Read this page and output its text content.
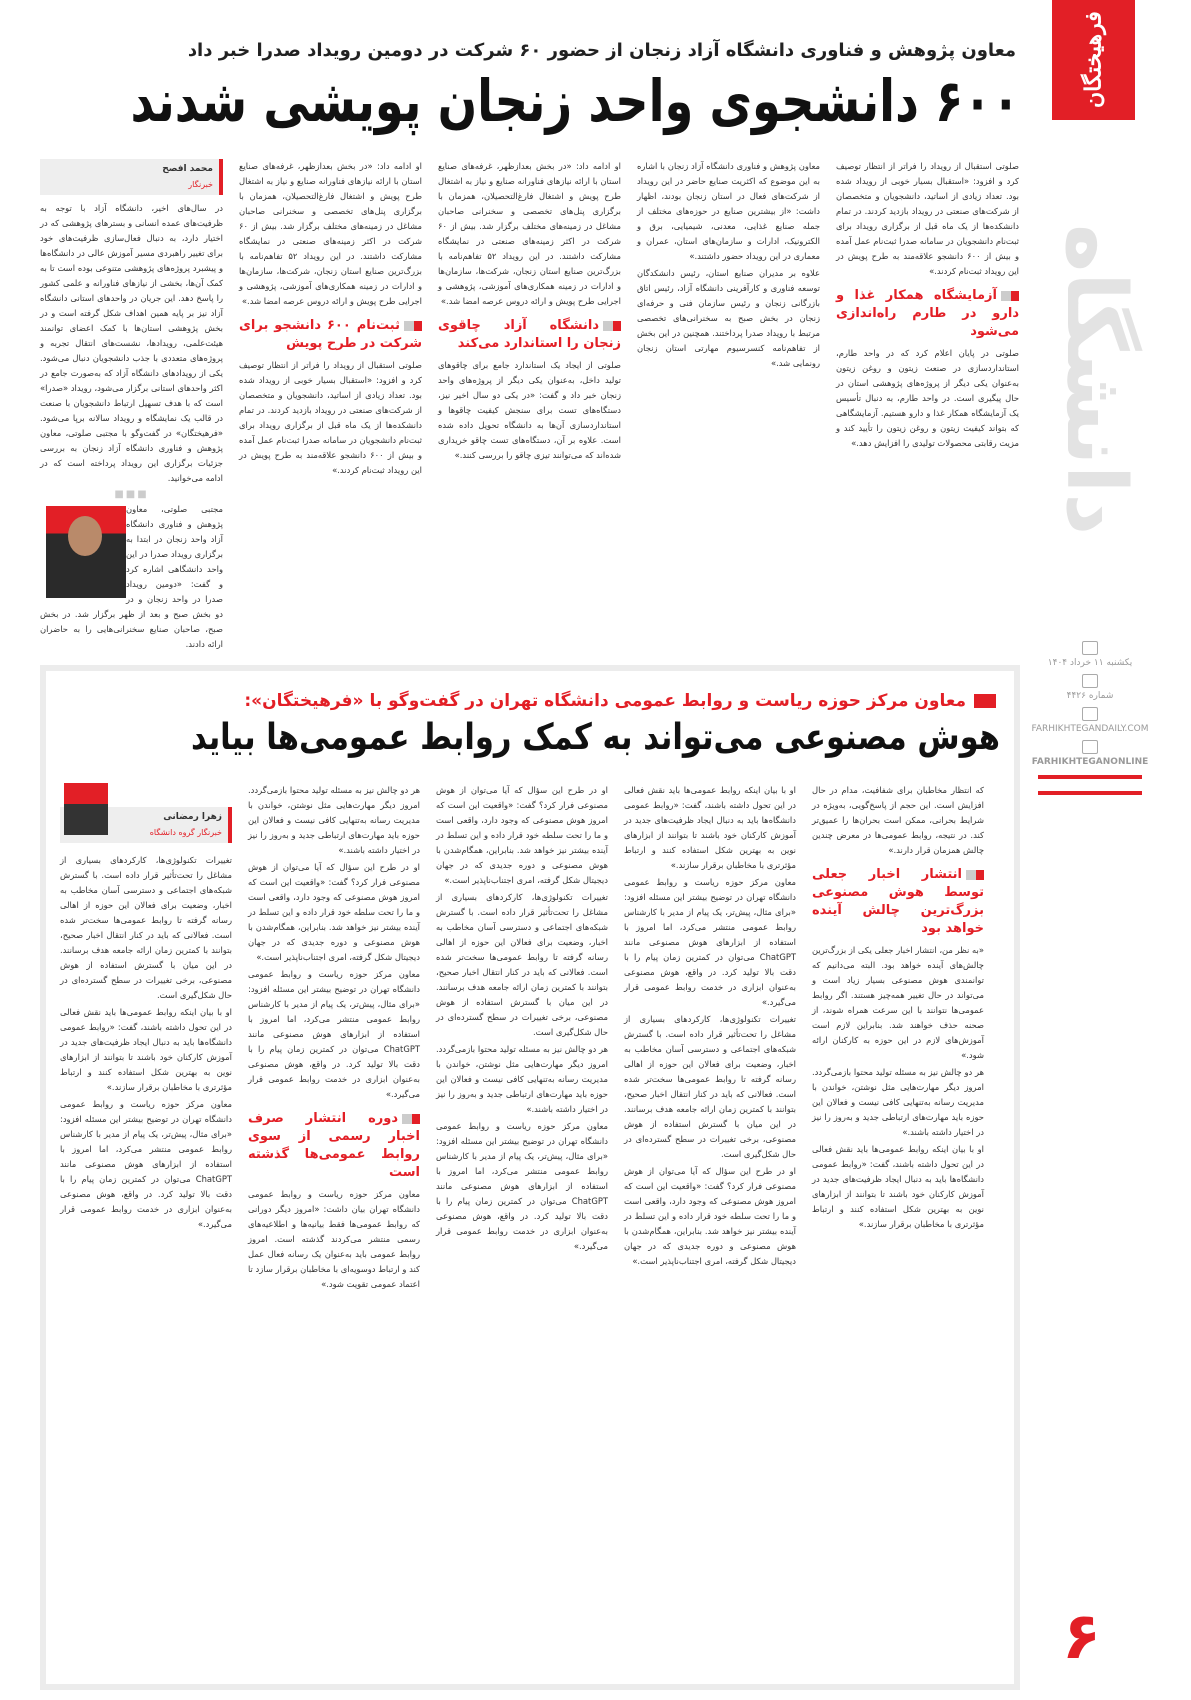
فرهیختگان
دانشگاه
یکشنبه ۱۱ خرداد ۱۴۰۴
شماره ۴۴۲۶
FARHIKHTEGANDAILY.COM
FARHIKHTEGANONLINE
۶
معاون پژوهش و فناوری دانشگاه آزاد زنجان از حضور ۶۰ شرکت در دومین رویداد صدرا خبر داد
۶۰۰ دانشجوی واحد زنجان پویشی شدند
محمد افصح
خبرنگار

در سال‌های اخیر، دانشگاه آزاد با توجه به ظرفیت‌های عمده انسانی و بسترهای پژوهشی که در اختیار دارد، به دنبال فعال‌سازی ظرفیت‌های خود برای تغییر راهبردی مسیر آموزش عالی در دانشگاه‌ها و پیشبرد پروژه‌های پژوهشی متنوعی بوده است تا به کمک آن‌ها، بخشی از نیازهای فناورانه و علمی کشور را پاسخ دهد. این جریان در واحدهای استانی دانشگاه آزاد نیز بر پایه همین اهداف شکل گرفته است و در بخش پژوهشی استان‌ها با کمک اعضای توانمند هیئت‌علمی، رویدادها، نشست‌های انتقال تجربه و پروژه‌های متعددی با جذب دانشجویان دنبال می‌شود. یکی از رویدادهای دانشگاه آزاد که به‌صورت جامع در اکثر واحدهای استانی برگزار می‌شود، رویداد «صدرا» است که با هدف تسهیل ارتباط دانشجویان با صنعت در قالب یک نمایشگاه و رویداد سالانه برپا می‌شود. «فرهیختگان» در گفت‌وگو با مجتبی صلوتی، معاون پژوهش و فناوری دانشگاه آزاد زنجان به بررسی جزئیات برگزاری این رویداد پرداخته است که در ادامه می‌خوانید.

■■■

مجتبی صلوتی، معاون پژوهش و فناوری دانشگاه آزاد واحد زنجان در ابتدا به برگزاری رویداد صدرا در این واحد دانشگاهی اشاره کرد و گفت: «دومین رویداد صدرا در واحد زنجان و در دو بخش صبح و بعد از ظهر برگزار شد. در بخش صبح، صاحبان صنایع سخنرانی‌هایی را به حاضران ارائه دادند.

او ادامه داد: «در بخش بعدازظهر، غرفه‌های صنایع استان با ارائه نیازهای فناورانه صنایع و نیاز به اشتغال طرح پویش و اشتغال فارغ‌التحصیلان، همزمان با برگزاری پنل‌های تخصصی و سخنرانی صاحبان مشاغل در زمینه‌های مختلف برگزار شد. بیش از ۶۰ شرکت در اکثر زمینه‌های صنعتی در نمایشگاه مشارکت داشتند. در این رویداد ۵۲ تفاهم‌نامه با بزرگ‌ترین صنایع استان زنجان، شرکت‌ها، سازمان‌ها و ادارات در زمینه همکاری‌های آموزشی، پژوهشی و اجرایی طرح پویش و ارائه دروس عرصه امضا شد.»

ثبت‌نام ۶۰۰ دانشجو برای شرکت در طرح پویش

صلوتی استقبال از رویداد را فراتر از انتظار توصیف کرد و افزود: «استقبال بسیار خوبی از رویداد شده بود. تعداد زیادی از اساتید، دانشجویان و متخصصان از شرکت‌های صنعتی در رویداد بازدید کردند. در تمام دانشکده‌ها از یک ماه قبل از برگزاری رویداد برای ثبت‌نام دانشجویان در سامانه صدرا ثبت‌نام عمل آمده و بیش از ۶۰۰ دانشجو علاقه‌مند به طرح پویش در این رویداد ثبت‌نام کردند.»

او ادامه داد: «در بخش بعدازظهر، غرفه‌های صنایع استان با ارائه نیازهای فناورانه صنایع و نیاز به اشتغال طرح پویش و اشتغال فارغ‌التحصیلان، همزمان با برگزاری پنل‌های تخصصی و سخنرانی صاحبان مشاغل در زمینه‌های مختلف برگزار شد. بیش از ۶۰ شرکت در اکثر زمینه‌های صنعتی در نمایشگاه مشارکت داشتند. در این رویداد ۵۲ تفاهم‌نامه با بزرگ‌ترین صنایع استان زنجان، شرکت‌ها، سازمان‌ها و ادارات در زمینه همکاری‌های آموزشی، پژوهشی و اجرایی طرح پویش و ارائه دروس عرصه امضا شد.»

دانشگاه آزاد چاقوی زنجان را استاندارد می‌کند

صلوتی از ایجاد یک استاندارد جامع برای چاقوهای تولید داخل، به‌عنوان یکی دیگر از پروژه‌های واحد زنجان خبر داد و گفت: «در یکی دو سال اخیر نیز، دستگاه‌های تست برای سنجش کیفیت چاقوها و استانداردسازی آن‌ها به دانشگاه تحویل داده شده است. علاوه بر آن، دستگاه‌های تست چاقو خریداری شده‌اند که می‌توانند تیزی چاقو را بررسی کنند.»

معاون پژوهش و فناوری دانشگاه آزاد زنجان با اشاره به این موضوع که اکثریت صنایع حاضر در این رویداد از شرکت‌های فعال در استان زنجان بودند، اظهار داشت: «از بیشترین صنایع در حوزه‌های مختلف از جمله صنایع غذایی، معدنی، شیمیایی، برق و الکترونیک، ادارات و سازمان‌های استان، عمران و معماری در این رویداد حضور داشتند.»

علاوه بر مدیران صنایع استان، رئیس دانشکدگان توسعه فناوری و کارآفرینی دانشگاه آزاد، رئیس اتاق بازرگانی زنجان و رئیس سازمان فنی و حرفه‌ای زنجان در بخش صبح به سخنرانی‌های تخصصی مرتبط با رویداد صدرا پرداختند. همچنین در این بخش از تفاهم‌نامه کنسرسیوم مهارتی استان زنجان رونمایی شد.»

صلوتی استقبال از رویداد را فراتر از انتظار توصیف کرد و افزود: «استقبال بسیار خوبی از رویداد شده بود. تعداد زیادی از اساتید، دانشجویان و متخصصان از شرکت‌های صنعتی در رویداد بازدید کردند. در تمام دانشکده‌ها از یک ماه قبل از برگزاری رویداد برای ثبت‌نام دانشجویان در سامانه صدرا ثبت‌نام عمل آمده و بیش از ۶۰۰ دانشجو علاقه‌مند به طرح پویش در این رویداد ثبت‌نام کردند.»

آزمایشگاه همکار غذا و دارو در طارم راه‌اندازی می‌شود

صلوتی در پایان اعلام کرد که در واحد طارم، استانداردسازی در صنعت زیتون و روغن زیتون به‌عنوان یکی دیگر از پروژه‌های پژوهشی استان در حال پیگیری است. در واحد طارم، به دنبال تأسیس یک آزمایشگاه همکار غذا و دارو هستیم. آزمایشگاهی که بتواند کیفیت زیتون و روغن زیتون را تأیید کند و مزیت رقابتی محصولات تولیدی را افزایش دهد.»

معاون مرکز حوزه ریاست و روابط عمومی دانشگاه تهران در گفت‌وگو با «فرهیختگان»:
هوش مصنوعی می‌تواند به کمک روابط عمومی‌ها بیاید
زهرا رمضانی
خبرنگار گروه دانشگاه

تغییرات تکنولوژی‌ها، کارکردهای بسیاری از مشاغل را تحت‌تأثیر قرار داده است. با گسترش شبکه‌های اجتماعی و دسترسی آسان مخاطب به اخبار، وضعیت برای فعالان این حوزه از اهالی رسانه گرفته تا روابط عمومی‌ها سخت‌تر شده است. فعالانی که باید در کنار انتقال اخبار صحیح، بتوانند با کمترین زمان ارائه جامعه هدف برسانند. در این میان با گسترش استفاده از هوش مصنوعی، برخی تغییرات در سطح گسترده‌ای در حال شکل‌گیری است.

او با بیان اینکه روابط عمومی‌ها باید نقش فعالی در این تحول داشته باشند، گفت: «روابط عمومی دانشگاه‌ها باید به دنبال ایجاد ظرفیت‌های جدید در آموزش کارکنان خود باشند تا بتوانند از ابزارهای نوین به بهترین شکل استفاده کنند و ارتباط مؤثرتری با مخاطبان برقرار سازند.»

معاون مرکز حوزه ریاست و روابط عمومی دانشگاه تهران در توضیح بیشتر این مسئله افزود: «برای مثال، پیش‌تر، یک پیام از مدیر با کارشناس روابط عمومی منتشر می‌کرد، اما امروز با استفاده از ابزارهای هوش مصنوعی مانند ChatGPT می‌توان در کمترین زمان پیام را با دقت بالا تولید کرد. در واقع، هوش مصنوعی به‌عنوان ابزاری در خدمت روابط عمومی قرار می‌گیرد.»

هر دو چالش نیز به مسئله تولید محتوا بازمی‌گردد. امروز دیگر مهارت‌هایی مثل نوشتن، خواندن با مدیریت رسانه به‌تنهایی کافی نیست و فعالان این حوزه باید مهارت‌های ارتباطی جدید و به‌روز را نیز در اختیار داشته باشند.»

او در طرح این سؤال که آیا می‌توان از هوش مصنوعی فرار کرد؟ گفت: «واقعیت این است که امروز هوش مصنوعی که وجود دارد، واقعی است و ما را تحت سلطه خود قرار داده و این تسلط در آینده بیشتر نیز خواهد شد. بنابراین، همگام‌شدن با هوش مصنوعی و دوره جدیدی که در جهان دیجیتال شکل گرفته، امری اجتناب‌ناپذیر است.»

معاون مرکز حوزه ریاست و روابط عمومی دانشگاه تهران در توضیح بیشتر این مسئله افزود: «برای مثال، پیش‌تر، یک پیام از مدیر با کارشناس روابط عمومی منتشر می‌کرد، اما امروز با استفاده از ابزارهای هوش مصنوعی مانند ChatGPT می‌توان در کمترین زمان پیام را با دقت بالا تولید کرد. در واقع، هوش مصنوعی به‌عنوان ابزاری در خدمت روابط عمومی قرار می‌گیرد.»

دوره انتشار صرف اخبار رسمی از سوی روابط عمومی‌ها گذشته است

معاون مرکز حوزه ریاست و روابط عمومی دانشگاه تهران بیان داشت: «امروز دیگر دورانی که روابط عمومی‌ها فقط بیانیه‌ها و اطلاعیه‌های رسمی منتشر می‌کردند گذشته است. امروز روابط عمومی باید به‌عنوان یک رسانه فعال عمل کند و ارتباط دوسویه‌ای با مخاطبان برقرار سازد تا اعتماد عمومی تقویت شود.»

او در طرح این سؤال که آیا می‌توان از هوش مصنوعی فرار کرد؟ گفت: «واقعیت این است که امروز هوش مصنوعی که وجود دارد، واقعی است و ما را تحت سلطه خود قرار داده و این تسلط در آینده بیشتر نیز خواهد شد. بنابراین، همگام‌شدن با هوش مصنوعی و دوره جدیدی که در جهان دیجیتال شکل گرفته، امری اجتناب‌ناپذیر است.»

تغییرات تکنولوژی‌ها، کارکردهای بسیاری از مشاغل را تحت‌تأثیر قرار داده است. با گسترش شبکه‌های اجتماعی و دسترسی آسان مخاطب به اخبار، وضعیت برای فعالان این حوزه از اهالی رسانه گرفته تا روابط عمومی‌ها سخت‌تر شده است. فعالانی که باید در کنار انتقال اخبار صحیح، بتوانند با کمترین زمان ارائه جامعه هدف برسانند. در این میان با گسترش استفاده از هوش مصنوعی، برخی تغییرات در سطح گسترده‌ای در حال شکل‌گیری است.

هر دو چالش نیز به مسئله تولید محتوا بازمی‌گردد. امروز دیگر مهارت‌هایی مثل نوشتن، خواندن با مدیریت رسانه به‌تنهایی کافی نیست و فعالان این حوزه باید مهارت‌های ارتباطی جدید و به‌روز را نیز در اختیار داشته باشند.»

معاون مرکز حوزه ریاست و روابط عمومی دانشگاه تهران در توضیح بیشتر این مسئله افزود: «برای مثال، پیش‌تر، یک پیام از مدیر با کارشناس روابط عمومی منتشر می‌کرد، اما امروز با استفاده از ابزارهای هوش مصنوعی مانند ChatGPT می‌توان در کمترین زمان پیام را با دقت بالا تولید کرد. در واقع، هوش مصنوعی به‌عنوان ابزاری در خدمت روابط عمومی قرار می‌گیرد.»

او با بیان اینکه روابط عمومی‌ها باید نقش فعالی در این تحول داشته باشند، گفت: «روابط عمومی دانشگاه‌ها باید به دنبال ایجاد ظرفیت‌های جدید در آموزش کارکنان خود باشند تا بتوانند از ابزارهای نوین به بهترین شکل استفاده کنند و ارتباط مؤثرتری با مخاطبان برقرار سازند.»

معاون مرکز حوزه ریاست و روابط عمومی دانشگاه تهران در توضیح بیشتر این مسئله افزود: «برای مثال، پیش‌تر، یک پیام از مدیر با کارشناس روابط عمومی منتشر می‌کرد، اما امروز با استفاده از ابزارهای هوش مصنوعی مانند ChatGPT می‌توان در کمترین زمان پیام را با دقت بالا تولید کرد. در واقع، هوش مصنوعی به‌عنوان ابزاری در خدمت روابط عمومی قرار می‌گیرد.»

تغییرات تکنولوژی‌ها، کارکردهای بسیاری از مشاغل را تحت‌تأثیر قرار داده است. با گسترش شبکه‌های اجتماعی و دسترسی آسان مخاطب به اخبار، وضعیت برای فعالان این حوزه از اهالی رسانه گرفته تا روابط عمومی‌ها سخت‌تر شده است. فعالانی که باید در کنار انتقال اخبار صحیح، بتوانند با کمترین زمان ارائه جامعه هدف برسانند. در این میان با گسترش استفاده از هوش مصنوعی، برخی تغییرات در سطح گسترده‌ای در حال شکل‌گیری است.

او در طرح این سؤال که آیا می‌توان از هوش مصنوعی فرار کرد؟ گفت: «واقعیت این است که امروز هوش مصنوعی که وجود دارد، واقعی است و ما را تحت سلطه خود قرار داده و این تسلط در آینده بیشتر نیز خواهد شد. بنابراین، همگام‌شدن با هوش مصنوعی و دوره جدیدی که در جهان دیجیتال شکل گرفته، امری اجتناب‌ناپذیر است.»

که انتظار مخاطبان برای شفافیت، مدام در حال افزایش است. این حجم از پاسخ‌گویی، به‌ویژه در شرایط بحرانی، ممکن است بحران‌ها را عمیق‌تر کند. در نتیجه، روابط عمومی‌ها در معرض چندین چالش همزمان قرار دارند.»

انتشار اخبار جعلی توسط هوش مصنوعی بزرگ‌ترین چالش آینده خواهد بود

«به نظر من، انتشار اخبار جعلی یکی از بزرگ‌ترین چالش‌های آینده خواهد بود. البته می‌دانیم که توانمندی هوش مصنوعی بسیار زیاد است و می‌تواند در حال تغییر همه‌چیز هستند. اگر روابط عمومی‌ها نتوانند با این سرعت همراه شوند، از صحنه حذف خواهند شد. بنابراین لازم است آموزش‌های لازم در این حوزه به کارکنان ارائه شود.»

هر دو چالش نیز به مسئله تولید محتوا بازمی‌گردد. امروز دیگر مهارت‌هایی مثل نوشتن، خواندن با مدیریت رسانه به‌تنهایی کافی نیست و فعالان این حوزه باید مهارت‌های ارتباطی جدید و به‌روز را نیز در اختیار داشته باشند.»

او با بیان اینکه روابط عمومی‌ها باید نقش فعالی در این تحول داشته باشند، گفت: «روابط عمومی دانشگاه‌ها باید به دنبال ایجاد ظرفیت‌های جدید در آموزش کارکنان خود باشند تا بتوانند از ابزارهای نوین به بهترین شکل استفاده کنند و ارتباط مؤثرتری با مخاطبان برقرار سازند.»
